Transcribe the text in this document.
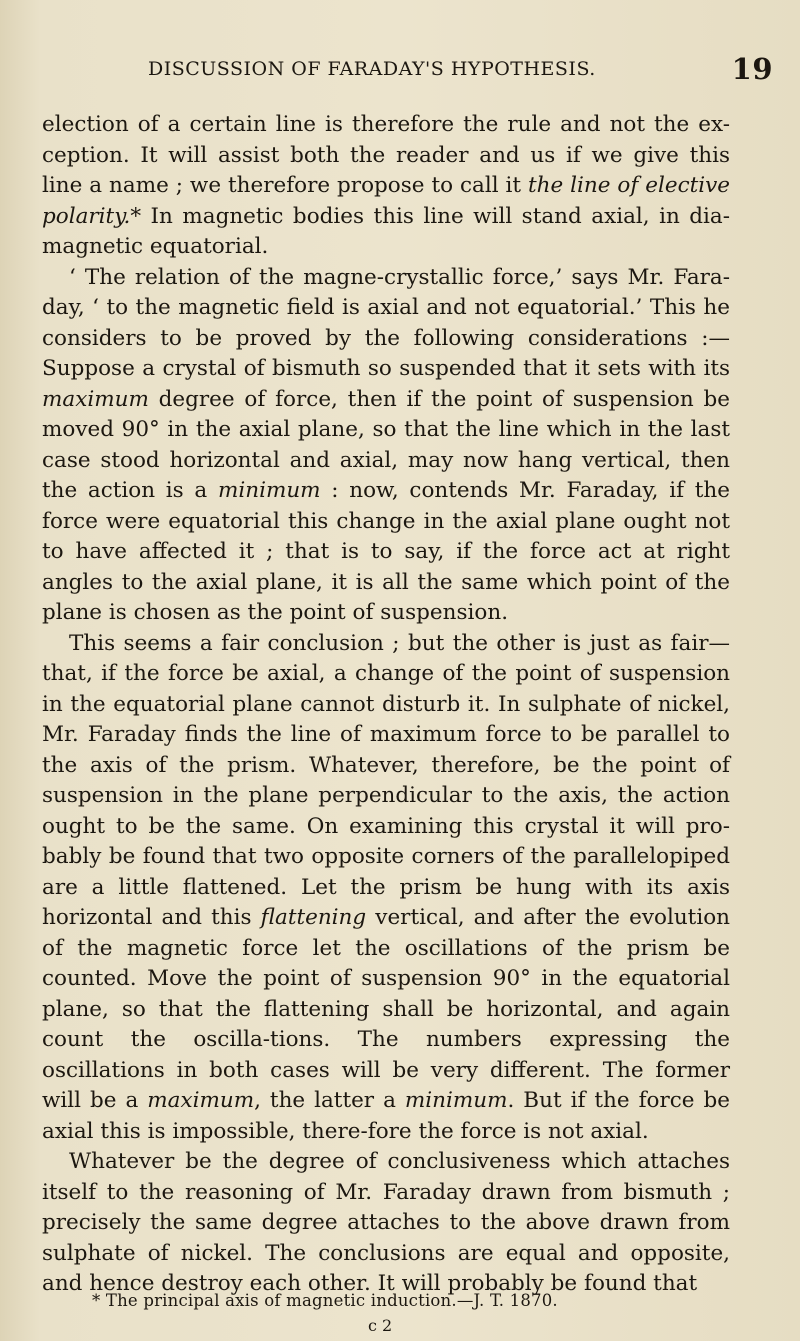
DISCUSSION OF FARADAY'S HYPOTHESIS.	19

election of a certain line is therefore the rule and not the ex-ception. It will assist both the reader and us if we give this line a name ; we therefore propose to call it the line of elective polarity.* In magnetic bodies this line will stand axial, in dia-magnetic equatorial.

‘ The relation of the magne-crystallic force,’ says Mr. Fara-day, ‘ to the magnetic field is axial and not equatorial.’ This he considers to be proved by the following considerations :— Suppose a crystal of bismuth so suspended that it sets with its maximum degree of force, then if the point of suspension be moved 90° in the axial plane, so that the line which in the last case stood horizontal and axial, may now hang vertical, then the action is a minimum : now, contends Mr. Faraday, if the force were equatorial this change in the axial plane ought not to have affected it ; that is to say, if the force act at right angles to the axial plane, it is all the same which point of the plane is chosen as the point of suspension.

This seems a fair conclusion ; but the other is just as fair— that, if the force be axial, a change of the point of suspension in the equatorial plane cannot disturb it. In sulphate of nickel, Mr. Faraday finds the line of maximum force to be parallel to the axis of the prism. Whatever, therefore, be the point of suspension in the plane perpendicular to the axis, the action ought to be the same. On examining this crystal it will pro-bably be found that two opposite corners of the parallelopiped are a little flattened. Let the prism be hung with its axis horizontal and this flattening vertical, and after the evolution of the magnetic force let the oscillations of the prism be counted. Move the point of suspension 90° in the equatorial plane, so that the flattening shall be horizontal, and again count the oscilla-tions. The numbers expressing the oscillations in both cases will be very different. The former will be a maximum, the latter a minimum. But if the force be axial this is impossible, there-fore the force is not axial.

Whatever be the degree of conclusiveness which attaches itself to the reasoning of Mr. Faraday drawn from bismuth ; precisely the same degree attaches to the above drawn from sulphate of nickel. The conclusions are equal and opposite, and hence destroy each other. It will probably be found that

* The principal axis of magnetic induction.—J. T. 1870.
c 2
